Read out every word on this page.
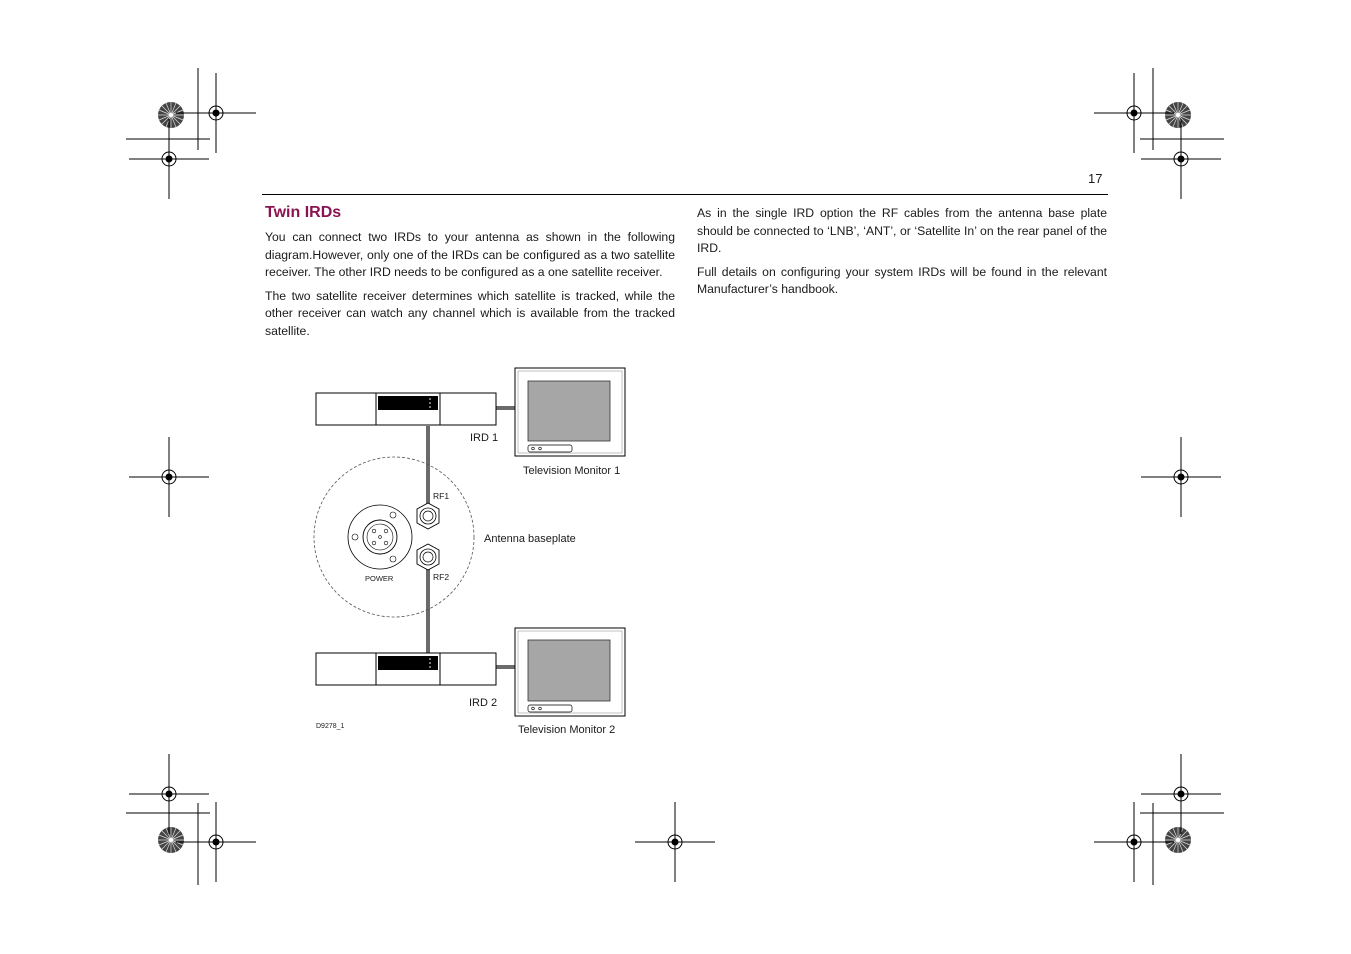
17
Twin IRDs

You can connect two IRDs to your antenna as shown in the following diagram.However, only one of the IRDs can be configured as a two satellite receiver. The other IRD needs to be configured as a one satellite receiver.

The two satellite receiver determines which satellite is tracked, while the other receiver can watch any channel which is available from the tracked satellite.

As in the single IRD option the RF cables from the antenna base plate should be connected to ‘LNB’, ‘ANT’, or ‘Satellite In’ on the rear panel of the IRD.

Full details on configuring your system IRDs will be found in the relevant Manufacturer’s handbook.

IRD 1
Television Monitor 1
RF1
RF2
POWER
Antenna baseplate
IRD 2
Television Monitor 2
D9278_1
